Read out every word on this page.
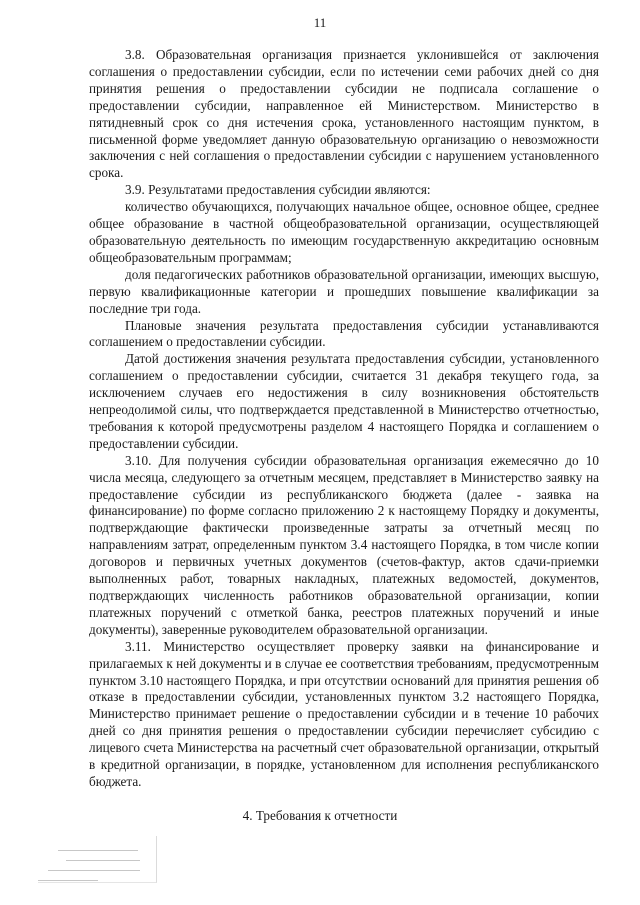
11

3.8. Образовательная организация признается уклонившейся от заключения соглашения о предоставлении субсидии, если по истечении семи рабочих дней со дня принятия решения о предоставлении субсидии не подписала соглашение о предоставлении субсидии, направленное ей Министерством. Министерство в пятидневный срок со дня истечения срока, установленного настоящим пунктом, в письменной форме уведомляет данную образовательную организацию о невозможности заключения с ней соглашения о предоставлении субсидии с нарушением установленного срока.

3.9. Результатами предоставления субсидии являются:

количество обучающихся, получающих начальное общее, основное общее, среднее общее образование в частной общеобразовательной организации, осуществляющей образовательную деятельность по имеющим государственную аккредитацию основным общеобразовательным программам;

доля педагогических работников образовательной организации, имеющих высшую, первую квалификационные категории и прошедших повышение квалификации за последние три года.

Плановые значения результата предоставления субсидии устанавливаются соглашением о предоставлении субсидии.

Датой достижения значения результата предоставления субсидии, установленного соглашением о предоставлении субсидии, считается 31 декабря текущего года, за исключением случаев его недостижения в силу возникновения обстоятельств непреодолимой силы, что подтверждается представленной в Министерство отчетностью, требования к которой предусмотрены разделом 4 настоящего Порядка и соглашением о предоставлении субсидии.

3.10. Для получения субсидии образовательная организация ежемесячно до 10 числа месяца, следующего за отчетным месяцем, представляет в Министерство заявку на предоставление субсидии из республиканского бюджета (далее - заявка на финансирование) по форме согласно приложению 2 к настоящему Порядку и документы, подтверждающие фактически произведенные затраты за отчетный месяц по направлениям затрат, определенным пунктом 3.4 настоящего Порядка, в том числе копии договоров и первичных учетных документов (счетов-фактур, актов сдачи-приемки выполненных работ, товарных накладных, платежных ведомостей, документов, подтверждающих численность работников образовательной организации, копии платежных поручений с отметкой банка, реестров платежных поручений и иные документы), заверенные руководителем образовательной организации.

3.11. Министерство осуществляет проверку заявки на финансирование и прилагаемых к ней документы и в случае ее соответствия требованиям, предусмотренным пунктом 3.10 настоящего Порядка, и при отсутствии оснований для принятия решения об отказе в предоставлении субсидии, установленных пунктом 3.2 настоящего Порядка, Министерство принимает решение о предоставлении субсидии и в течение 10 рабочих дней со дня принятия решения о предоставлении субсидии перечисляет субсидию с лицевого счета Министерства на расчетный счет образовательной организации, открытый в кредитной организации, в порядке, установленном для исполнения республиканского бюджета.

4. Требования к отчетности
